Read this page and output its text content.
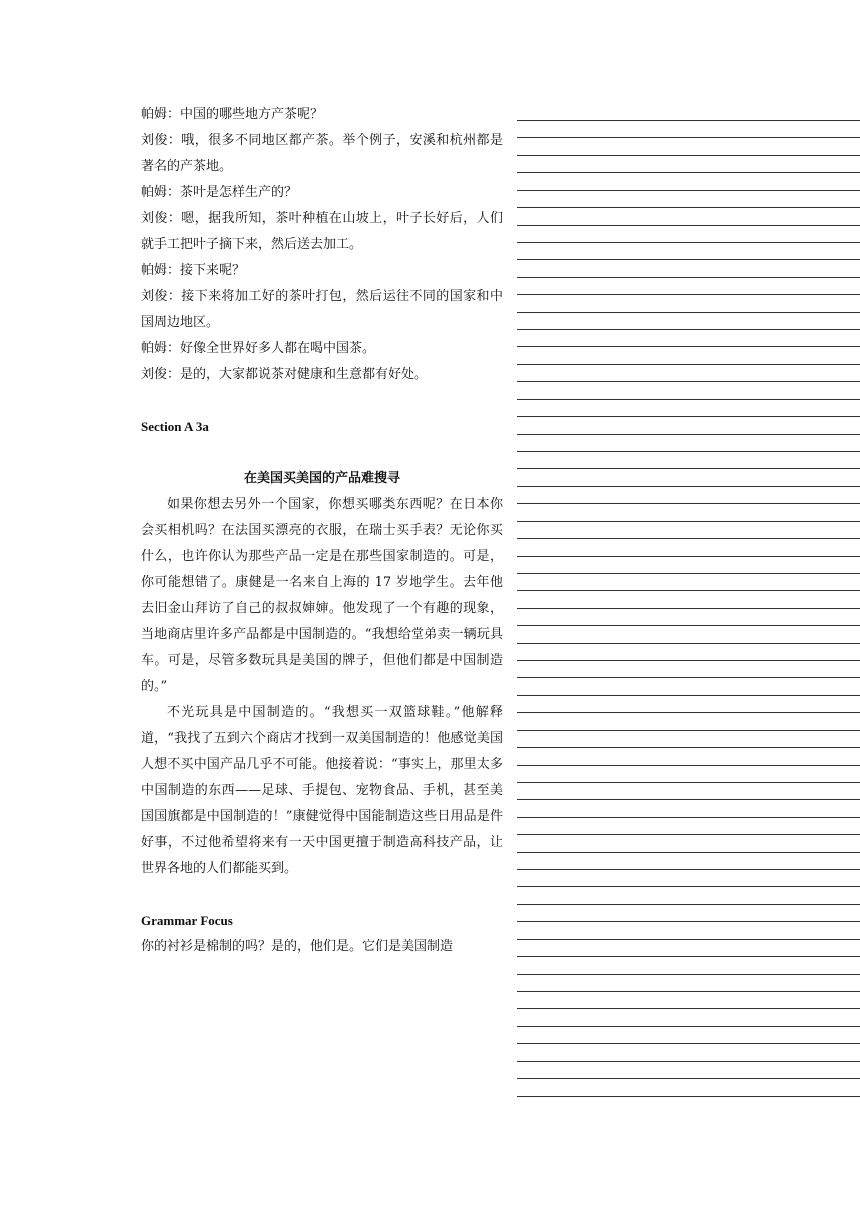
帕姆：中国的哪些地方产茶呢？

刘俊：哦，很多不同地区都产茶。举个例子，安溪和杭州都是著名的产茶地。

帕姆：茶叶是怎样生产的？

刘俊：嗯，据我所知，茶叶种植在山坡上，叶子长好后，人们就手工把叶子摘下来，然后送去加工。

帕姆：接下来呢？

刘俊：接下来将加工好的茶叶打包，然后运往不同的国家和中国周边地区。

帕姆：好像全世界好多人都在喝中国茶。

刘俊：是的，大家都说茶对健康和生意都有好处。

Section A 3a

在美国买美国的产品难搜寻

如果你想去另外一个国家，你想买哪类东西呢？在日本你会买相机吗？在法国买漂亮的衣服，在瑞士买手表？无论你买什么，也许你认为那些产品一定是在那些国家制造的。可是，你可能想错了。康健是一名来自上海的 17 岁地学生。去年他去旧金山拜访了自己的叔叔婶婶。他发现了一个有趣的现象，当地商店里许多产品都是中国制造的。“我想给堂弟卖一辆玩具车。可是，尽管多数玩具是美国的牌子，但他们都是中国制造的。”

不光玩具是中国制造的。“我想买一双篮球鞋。”他解释道，“我找了五到六个商店才找到一双美国制造的！他感觉美国人想不买中国产品几乎不可能。他接着说：“事实上，那里太多中国制造的东西——足球、手提包、宠物食品、手机，甚至美国国旗都是中国制造的！”康健觉得中国能制造这些日用品是件好事，不过他希望将来有一天中国更擅于制造高科技产品，让世界各地的人们都能买到。

Grammar Focus

你的衬衫是棉制的吗？是的，他们是。它们是美国制造
